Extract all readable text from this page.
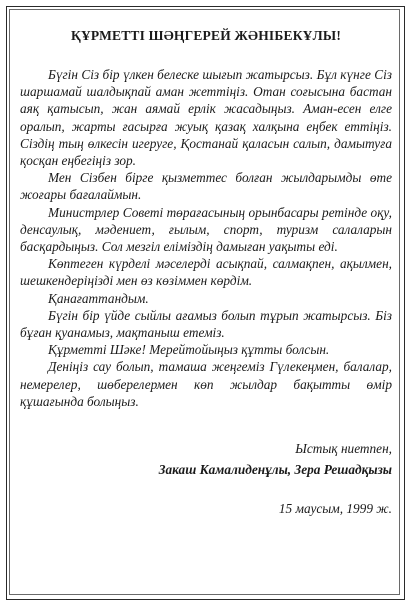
ҚҰРМЕТТІ ШӘҢГЕРЕЙ ЖӘНІБЕКҰЛЫ!

Бүгін Сіз бір үлкен белеске шығып жатырсыз. Бұл күнге Сіз шаршамай шалдықпай аман жеттіңіз. Отан соғысына бастан аяқ қатысып, жан аямай ерлік жасадыңыз. Аман-есен елге оралып, жарты ғасырға жуық қазақ халқына еңбек еттіңіз. Сіздің тың өлкесін игеруге, Қостанай қаласын салып, дамытуға қосқан еңбегіңіз зор.

Мен Сізбен бірге қызметтес болған жылдарымды өте жоғары бағалаймын.

Министрлер Советі төрағасының орынбасары ретінде оқу, денсаулық, мәдениет, ғылым, спорт, туризм салаларын басқардыңыз. Сол мезгіл еліміздің дамыған уақыты еді.

Көптеген күрделі мәселерді асықпай, салмақпен, ақылмен, шешкендеріңізді мен өз көзіммен көрдім.

Қанағаттандым.

Бүгін бір үйде сыйлы ағамыз болып тұрып жатырсыз. Біз бұған қуанамыз, мақтаныш етеміз.

Құрметті Шәке! Мерейтойыңыз құтты болсын.

Деніңіз сау болып, тамаша жеңгеміз Гүлекеңмен, балалар, немерелер, шөберелермен көп жылдар бақытты өмір құшағында болыңыз.

Ыстық ниетпен,
Закаш Камалиденұлы, Зера Решадқызы
15 маусым, 1999 ж.
